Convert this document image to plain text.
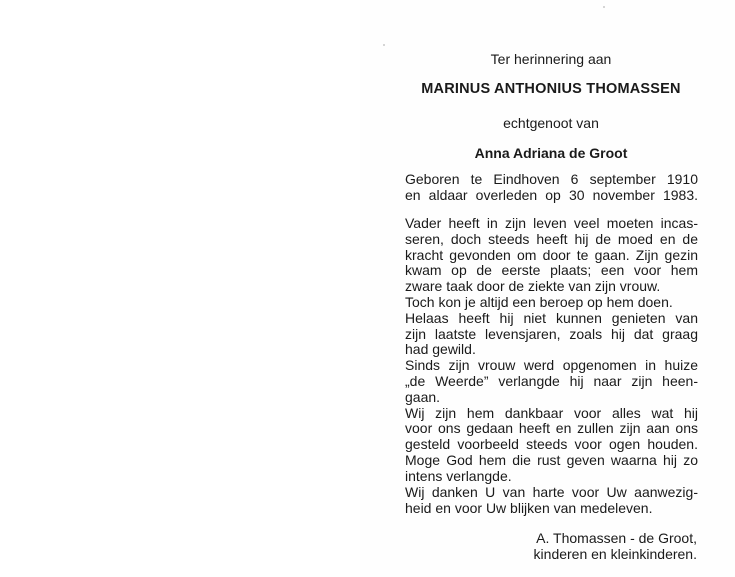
Ter herinnering aan
MARINUS ANTHONIUS THOMASSEN
echtgenoot van
Anna Adriana de Groot
Geboren te Eindhoven 6 september 1910
en aldaar overleden op 30 november 1983.
Vader heeft in zijn leven veel moeten incas-
seren, doch steeds heeft hij de moed en de
kracht gevonden om door te gaan. Zijn gezin
kwam op de eerste plaats; een voor hem
zware taak door de ziekte van zijn vrouw.
Toch kon je altijd een beroep op hem doen.
Helaas heeft hij niet kunnen genieten van
zijn laatste levensjaren, zoals hij dat graag
had gewild.
Sinds zijn vrouw werd opgenomen in huize
„de Weerde” verlangde hij naar zijn heen-
gaan.
Wij zijn hem dankbaar voor alles wat hij
voor ons gedaan heeft en zullen zijn aan ons
gesteld voorbeeld steeds voor ogen houden.
Moge God hem die rust geven waarna hij zo
intens verlangde.
Wij danken U van harte voor Uw aanwezig-
heid en voor Uw blijken van medeleven.
A. Thomassen - de Groot,
kinderen en kleinkinderen.
